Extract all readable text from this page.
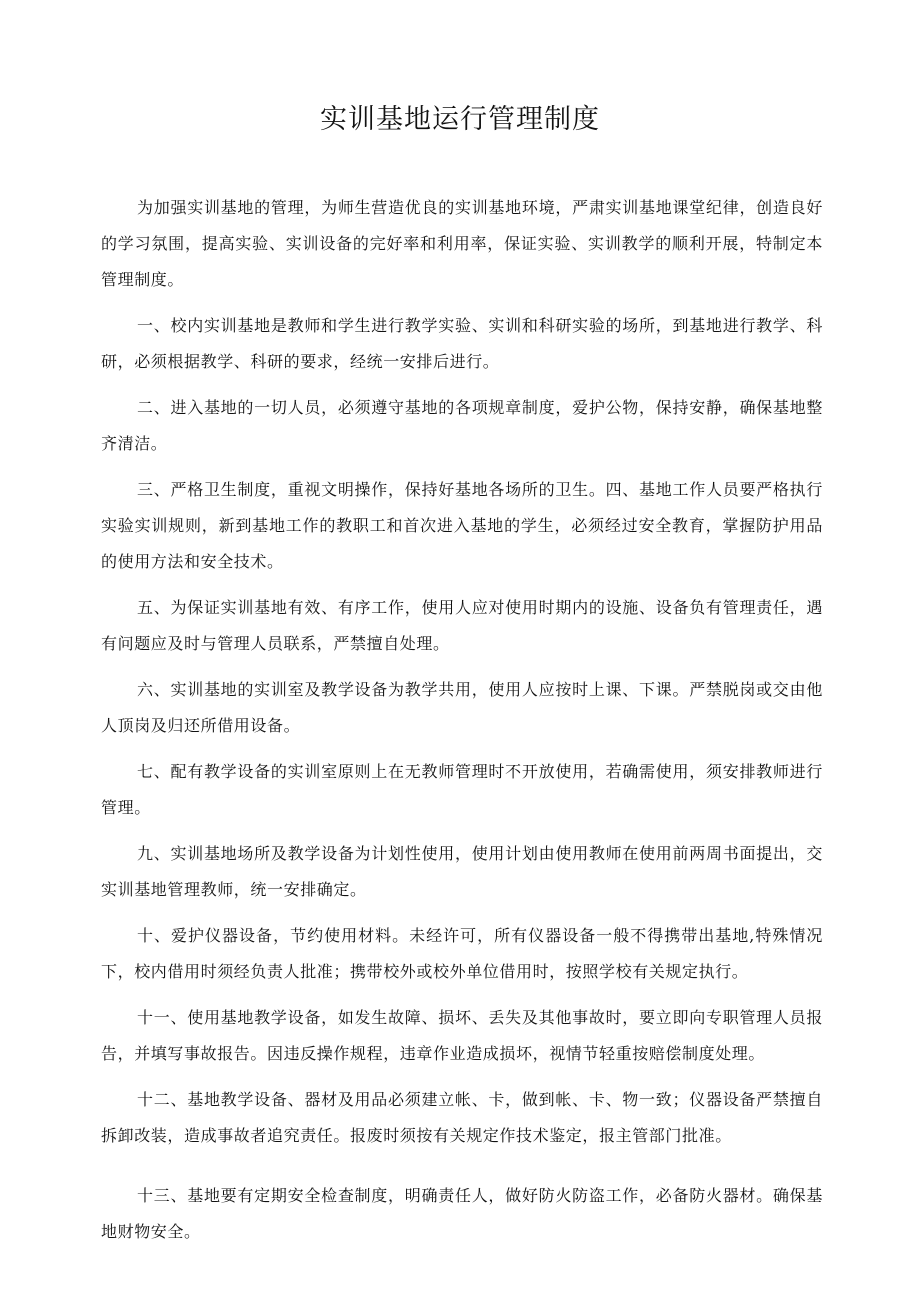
实训基地运行管理制度

为加强实训基地的管理，为师生营造优良的实训基地环境，严肃实训基地课堂纪律，创造良好的学习氛围，提高实验、实训设备的完好率和利用率，保证实验、实训教学的顺利开展，特制定本管理制度。

一、校内实训基地是教师和学生进行教学实验、实训和科研实验的场所，到基地进行教学、科研，必须根据教学、科研的要求，经统一安排后进行。

二、进入基地的一切人员，必须遵守基地的各项规章制度，爱护公物，保持安静，确保基地整齐清洁。

三、严格卫生制度，重视文明操作，保持好基地各场所的卫生。四、基地工作人员要严格执行实验实训规则，新到基地工作的教职工和首次进入基地的学生，必须经过安全教育，掌握防护用品的使用方法和安全技术。

五、为保证实训基地有效、有序工作，使用人应对使用时期内的设施、设备负有管理责任，遇有问题应及时与管理人员联系，严禁擅自处理。

六、实训基地的实训室及教学设备为教学共用，使用人应按时上课、下课。严禁脱岗或交由他人顶岗及归还所借用设备。

七、配有教学设备的实训室原则上在无教师管理时不开放使用，若确需使用，须安排教师进行管理。

九、实训基地场所及教学设备为计划性使用，使用计划由使用教师在使用前两周书面提出，交实训基地管理教师，统一安排确定。

十、爱护仪器设备，节约使用材料。未经许可，所有仪器设备一般不得携带出基地,特殊情况下，校内借用时须经负责人批准；携带校外或校外单位借用时，按照学校有关规定执行。

十一、使用基地教学设备，如发生故障、损坏、丢失及其他事故时，要立即向专职管理人员报告，并填写事故报告。因违反操作规程，违章作业造成损坏，视情节轻重按赔偿制度处理。

十二、基地教学设备、器材及用品必须建立帐、卡，做到帐、卡、物一致；仪器设备严禁擅自拆卸改装，造成事故者追究责任。报废时须按有关规定作技术鉴定，报主管部门批准。

十三、基地要有定期安全检查制度，明确责任人，做好防火防盗工作，必备防火器材。确保基地财物安全。
